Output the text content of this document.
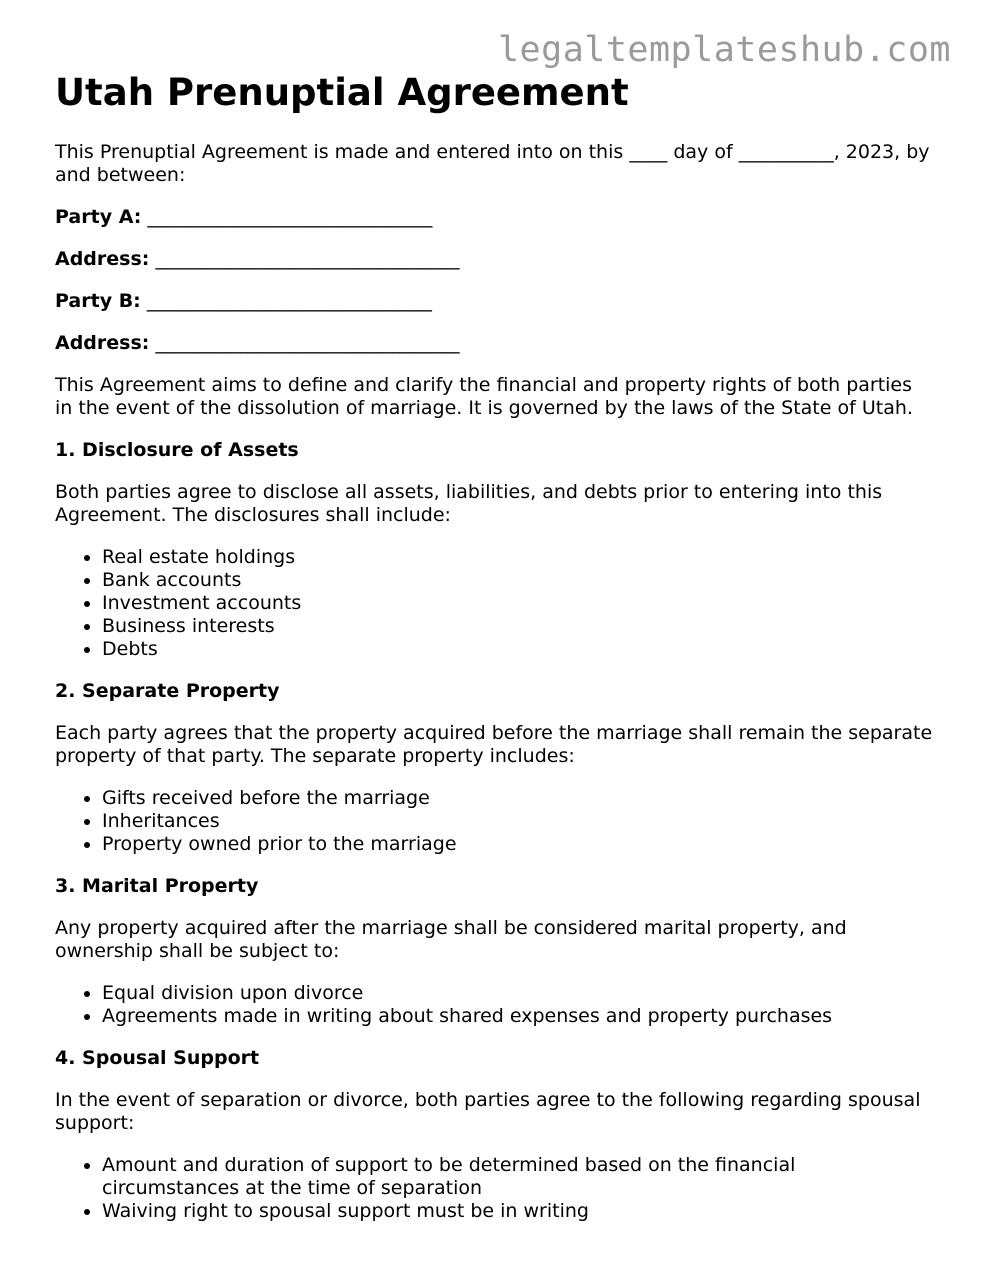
legaltemplateshub.com
Utah Prenuptial Agreement

This Prenuptial Agreement is made and entered into on this ____ day of __________, 2023, by and between:

Party A: ______________________________

Address: ________________________________

Party B: ______________________________

Address: ________________________________

This Agreement aims to define and clarify the financial and property rights of both parties in the event of the dissolution of marriage. It is governed by the laws of the State of Utah.

1. Disclosure of Assets

Both parties agree to disclose all assets, liabilities, and debts prior to entering into this Agreement. The disclosures shall include:

• Real estate holdings
• Bank accounts
• Investment accounts
• Business interests
• Debts
2. Separate Property

Each party agrees that the property acquired before the marriage shall remain the separate property of that party. The separate property includes:

• Gifts received before the marriage
• Inheritances
• Property owned prior to the marriage
3. Marital Property

Any property acquired after the marriage shall be considered marital property, and ownership shall be subject to:

• Equal division upon divorce
• Agreements made in writing about shared expenses and property purchases
4. Spousal Support

In the event of separation or divorce, both parties agree to the following regarding spousal support:

• Amount and duration of support to be determined based on the financial circumstances at the time of separation
• Waiving right to spousal support must be in writing
